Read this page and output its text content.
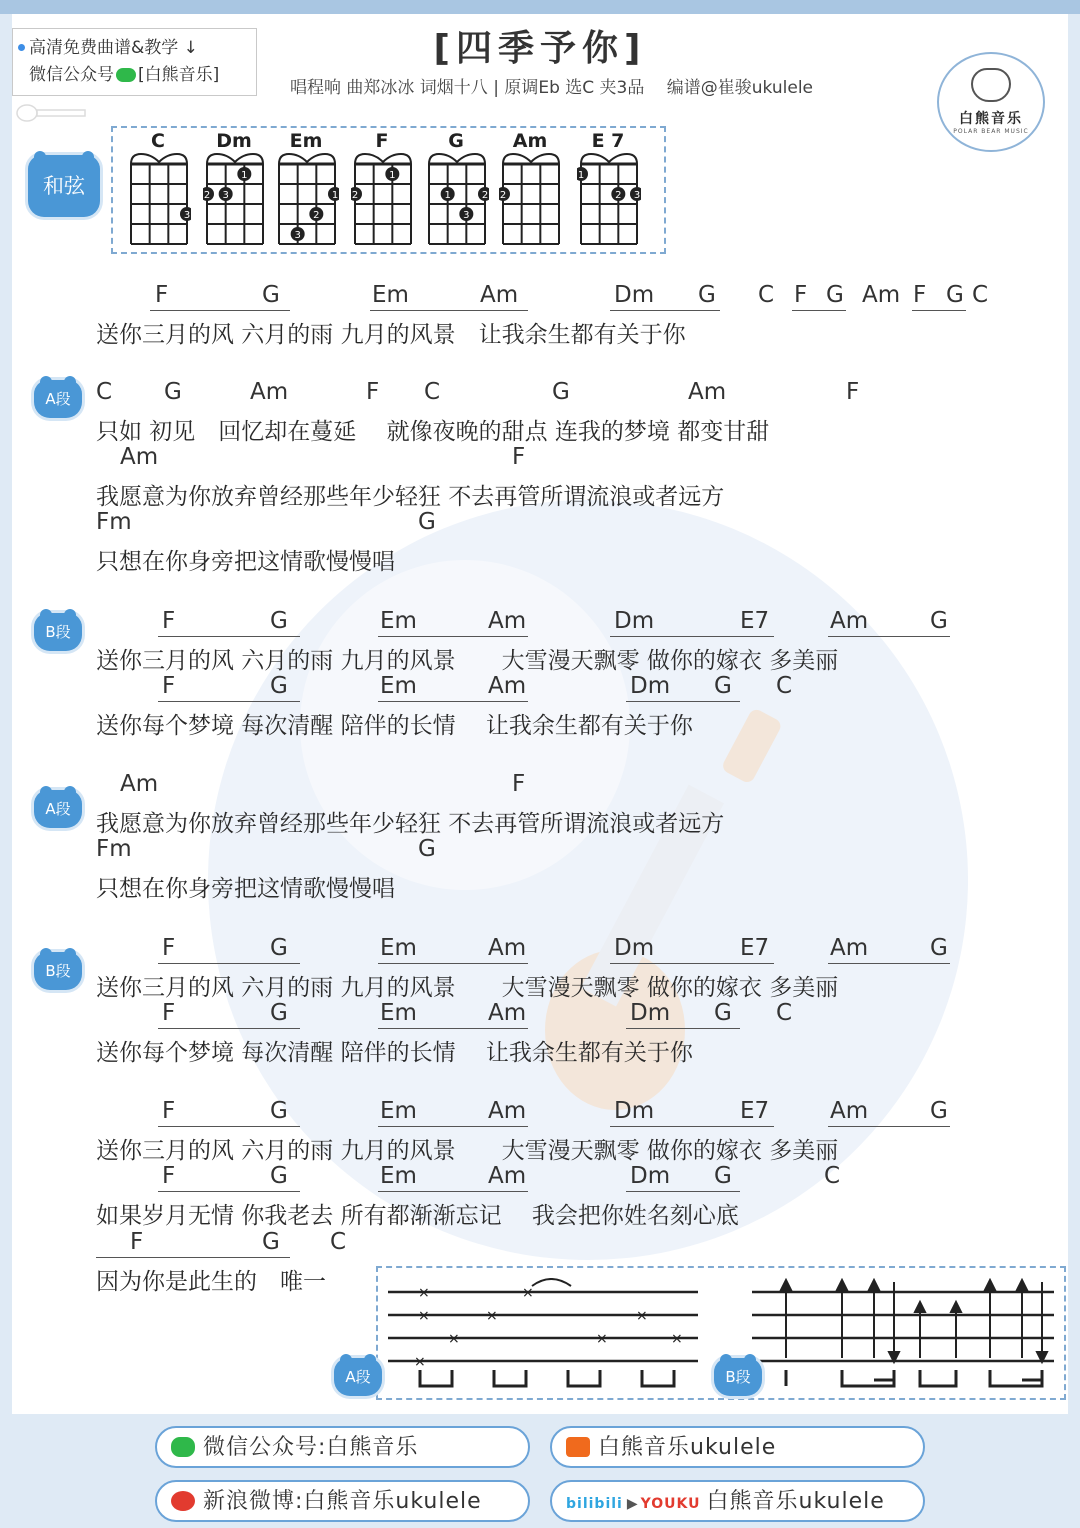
高清免费曲谱&教学 ↓
微信公众号 [白熊音乐]
[四季予你]
唱程响 曲郑冰冰 词烟十八 | 原调Eb 选C 夹3品　 编谱@崔骏ukulele
白熊音乐
POLAR BEAR MUSIC
和弦
C
3
Dm
2 3
1
Em
3
2
1
F
2
1
G
1
3
2
Am
2
E 7
1
2 3
送你三月的风 六月的雨 九月的风景　让我余生都有关于你
F	G	Em	Am	Dm G C F G Am F G C
只如 初见　回忆却在蔓延　 就像夜晚的甜点 连我的梦境 都变甘甜
C G	Am	F C	G	Am	F
我愿意为你放弃曾经那些年少轻狂 不去再管所谓流浪或者远方
Am	F
只想在你身旁把这情歌慢慢唱
Fm	G
送你三月的风 六月的雨 九月的风景　　大雪漫天飘零 做你的嫁衣 多美丽
F	G	Em	Am	Dm	E7	Am	G
送你每个梦境 每次清醒 陪伴的长情　 让我余生都有关于你
F	G	Em	Am	Dm G C
我愿意为你放弃曾经那些年少轻狂 不去再管所谓流浪或者远方
Am	F
只想在你身旁把这情歌慢慢唱
Fm	G
送你三月的风 六月的雨 九月的风景　　大雪漫天飘零 做你的嫁衣 多美丽
F	G	Em	Am	Dm	E7	Am	G
送你每个梦境 每次清醒 陪伴的长情　 让我余生都有关于你
F	G	Em	Am	Dm G C
送你三月的风 六月的雨 九月的风景　　大雪漫天飘零 做你的嫁衣 多美丽
F	G	Em	Am	Dm	E7	Am	G
如果岁月无情 你我老去 所有都渐渐忘记　 我会把你姓名刻心底
F	G	Em	Am	Dm G	C
因为你是此生的　唯一
F	G C
A段
B段
A段
B段
×
×
×
×
×
×
×
×
×
A段	B段
微信公众号:白熊音乐	白熊音乐ukulele
新浪微博:白熊音乐ukulele	bilibili ▶ YOUKU 白熊音乐ukulele
